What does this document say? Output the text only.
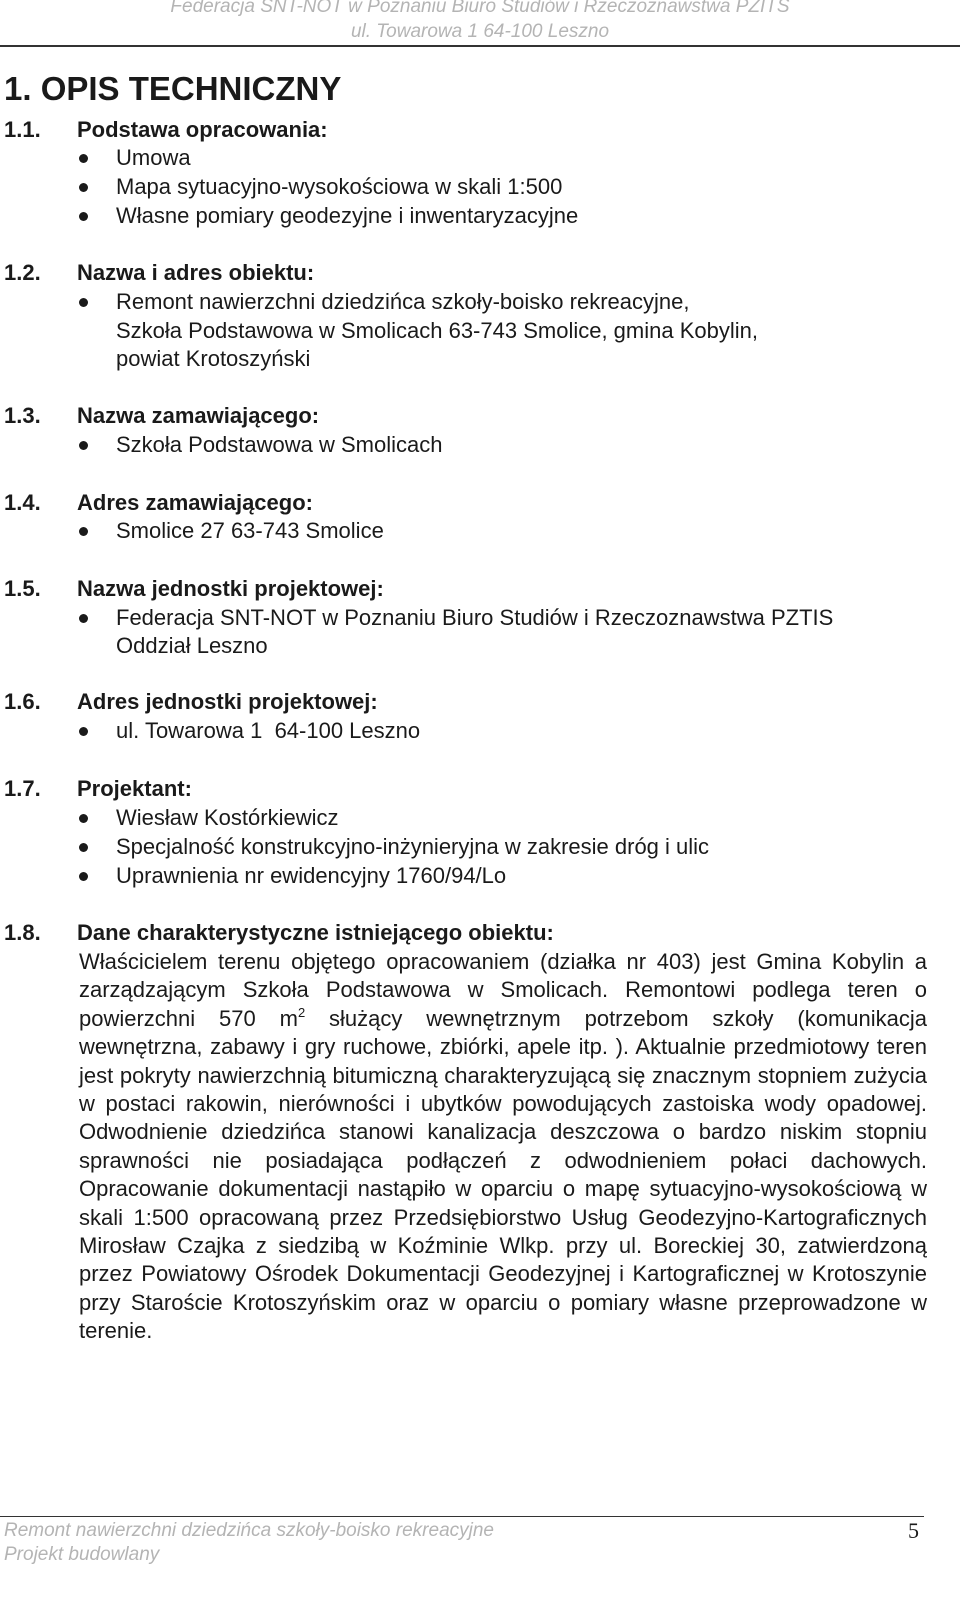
Federacja SNT-NOT w Poznaniu Biuro Studiów i Rzeczoznawstwa PZITS
ul. Towarowa 1 64-100 Leszno
1. OPIS TECHNICZNY
1.1. Podstawa opracowania:
Umowa
Mapa sytuacyjno-wysokościowa w skali 1:500
Własne pomiary geodezyjne i inwentaryzacyjne
1.2. Nazwa i adres obiektu:
Remont nawierzchni dziedzińca szkoły-boisko rekreacyjne,
Szkoła Podstawowa w Smolicach 63-743 Smolice, gmina Kobylin,
powiat Krotoszyński
1.3. Nazwa zamawiającego:
Szkoła Podstawowa w Smolicach
1.4. Adres zamawiającego:
Smolice 27 63-743 Smolice
1.5. Nazwa jednostki projektowej:
Federacja SNT-NOT w Poznaniu Biuro Studiów i Rzeczoznawstwa PZTIS
Oddział Leszno
1.6. Adres jednostki projektowej:
ul. Towarowa 1  64-100 Leszno
1.7. Projektant:
Wiesław Kostórkiewicz
Specjalność konstrukcyjno-inżynieryjna w zakresie dróg i ulic
Uprawnienia nr ewidencyjny 1760/94/Lo
1.8. Dane charakterystyczne istniejącego obiektu:

Właścicielem terenu objętego opracowaniem (działka nr 403) jest Gmina Kobylin a zarządzającym Szkoła Podstawowa w Smolicach. Remontowi podlega teren o powierzchni 570 $m^2$ służący wewnętrznym potrzebom szkoły (komunikacja wewnętrzna, zabawy i gry ruchowe, zbiórki, apele itp. ). Aktualnie przedmiotowy teren jest pokryty nawierzchnią bitumiczną charakteryzującą się znacznym stopniem zużycia w postaci rakowin, nierówności i ubytków powodujących zastoiska wody opadowej. Odwodnienie dziedzińca stanowi kanalizacja deszczowa o bardzo niskim stopniu sprawności nie posiadająca podłączeń z odwodnieniem połaci dachowych. Opracowanie dokumentacji nastąpiło w oparciu o mapę sytuacyjno-wysokościową w skali 1:500 opracowaną przez Przedsiębiorstwo Usług Geodezyjno-Kartograficznych Mirosław Czajka z siedzibą w Koźminie Wlkp. przy ul. Boreckiej 30, zatwierdzoną przez Powiatowy Ośrodek Dokumentacji Geodezyjnej i Kartograficznej w Krotoszynie przy Staroście Krotoszyńskim oraz w oparciu o pomiary własne przeprowadzone w terenie.

Remont nawierzchni dziedzińca szkoły-boisko rekreacyjne
Projekt budowlany
5
